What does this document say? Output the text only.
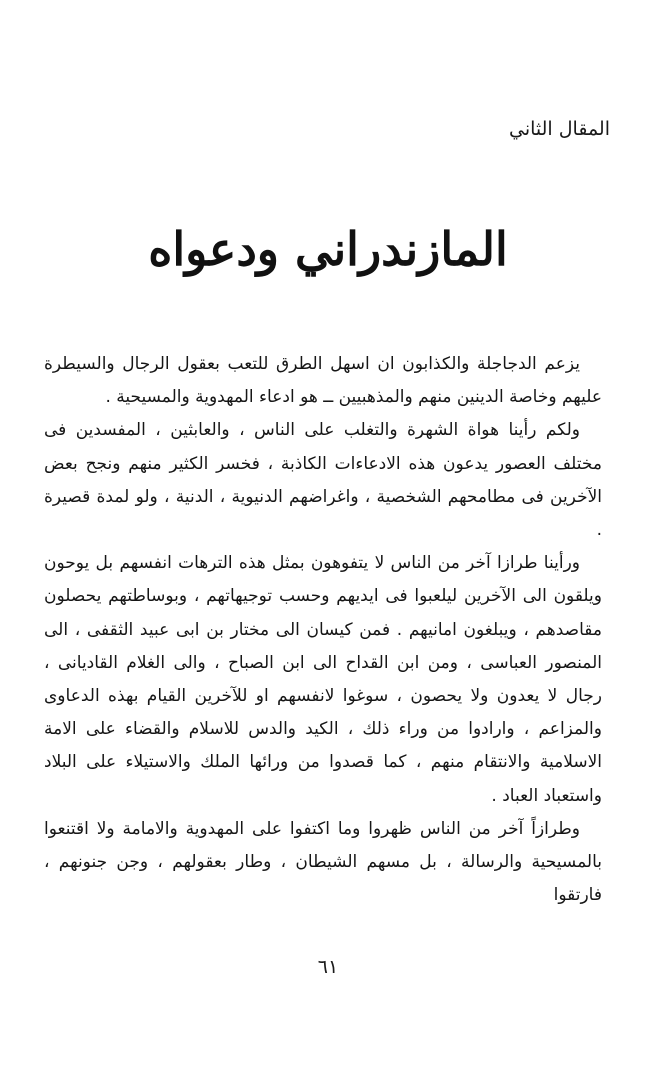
المقال الثاني
المازندراني ودعواه

يزعم الدجاجلة والكذابون ان اسهل الطرق للتعب بعقول الرجال والسيطرة عليهم وخاصة الدينين منهم والمذهبيين ــ هو ادعاء المهدوية والمسيحية .

ولكم رأينا هواة الشهرة والتغلب على الناس ، والعابثين ، المفسدين فى مختلف العصور يدعون هذه الادعاءات الكاذبة ، فخسر الكثير منهم ونجح بعض الآخرين فى مطامحهم الشخصية ، واغراضهم الدنيوية ، الدنية ، ولو لمدة قصيرة .

ورأينا طرازا آخر من الناس لا يتفوهون بمثل هذه الترهات انفسهم بل يوحون ويلقون الى الآخرين ليلعبوا فى ايديهم وحسب توجيهاتهم ، وبوساطتهم يحصلون مقاصدهم ، ويبلغون امانيهم . فمن كيسان الى مختار بن ابى عبيد الثقفى ، الى المنصور العباسى ، ومن ابن القداح الى ابن الصباح ، والى الغلام القاديانى ، رجال لا يعدون ولا يحصون ، سوغوا لانفسهم او للآخرين القيام بهذه الدعاوى والمزاعم ، وارادوا من وراء ذلك ، الكيد والدس للاسلام والقضاء على الامة الاسلامية والانتقام منهم ، كما قصدوا من ورائها الملك والاستيلاء على البلاد واستعباد العباد .

وطرازاً آخر من الناس ظهروا وما اكتفوا على المهدوية والامامة ولا اقتنعوا بالمسيحية والرسالة ، بل مسهم الشيطان ، وطار بعقولهم ، وجن جنونهم ، فارتقوا

٦١
